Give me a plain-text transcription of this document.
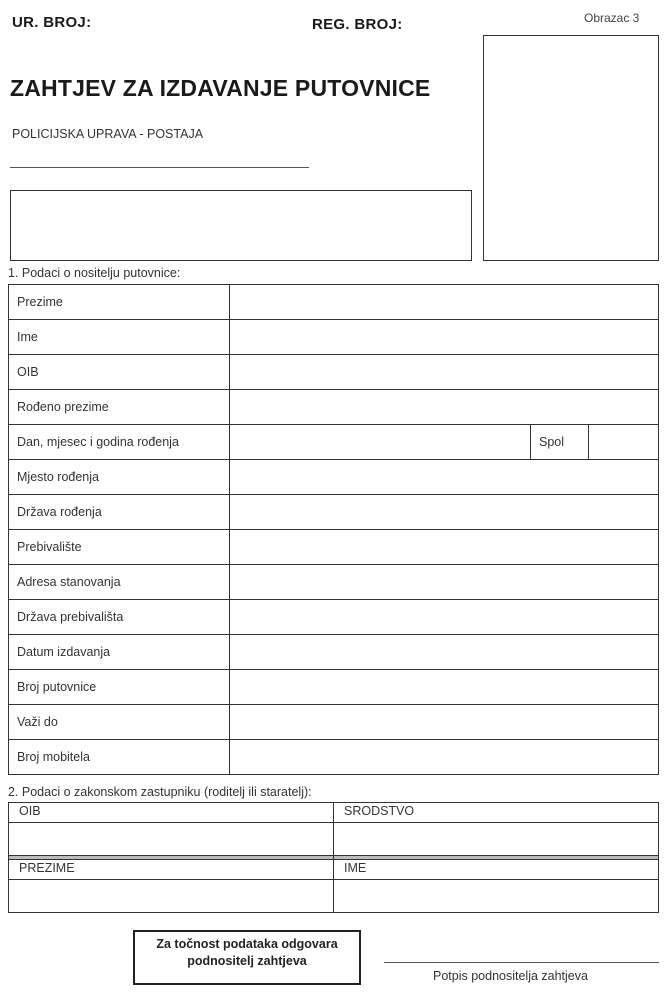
UR. BROJ:	REG. BROJ:	Obrazac 3
ZAHTJEV ZA IZDAVANJE PUTOVNICE
POLICIJSKA UPRAVA - POSTAJA
1. Podaci o nositelju putovnice:
Prezime			
Ime			
OIB			
Rođeno prezime			
Dan, mjesec i godina rođenja		Spol	
Mjesto rođenja			
Država rođenja			
Prebivalište			
Adresa stanovanja			
Država prebivališta			
Datum izdavanja			
Broj putovnice			
Važi do			
Broj mobitela			
2. Podaci o zakonskom zastupniku (roditelj ili staratelj):
OIB	SRODSTVO

PREZIME	IME

Za točnost podataka odgovara
podnositelj zahtjeva
Potpis podnositelja zahtjeva
